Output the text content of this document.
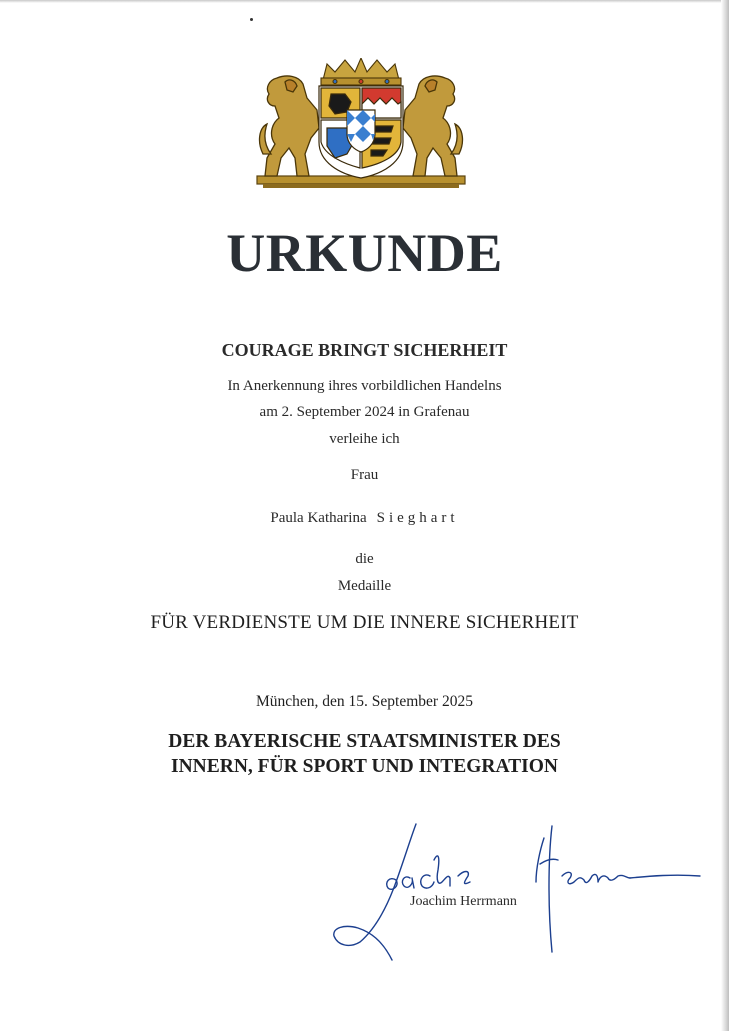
URKUNDE
COURAGE BRINGT SICHERHEIT
In Anerkennung ihres vorbildlichen Handelns
am 2. September 2024 in Grafenau
verleihe ich
Frau
Paula Katharina Sieghart
die
Medaille
FÜR VERDIENSTE UM DIE INNERE SICHERHEIT
München, den 15. September 2025
DER BAYERISCHE STAATSMINISTER DES
INNERN, FÜR SPORT UND INTEGRATION
Joachim Herrmann
